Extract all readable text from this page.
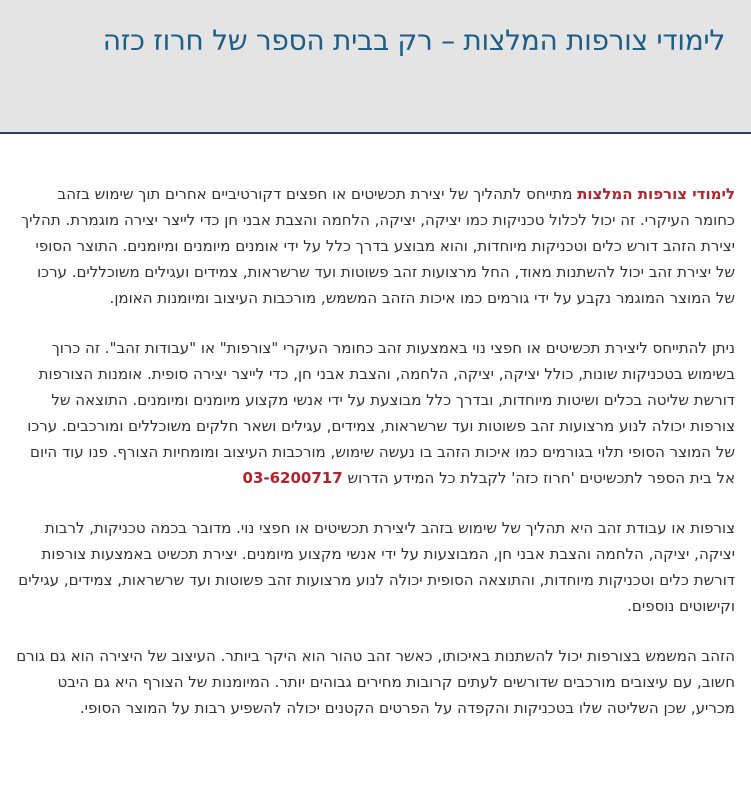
לימודי צורפות המלצות – רק בבית הספר של חרוז כזה

לימודי צורפות המלצות מתייחס לתהליך של יצירת תכשיטים או חפצים דקורטיביים אחרים תוך שימוש בזהב כחומר העיקרי. זה יכול לכלול טכניקות כמו יציקה, יציקה, הלחמה והצבת אבני חן כדי לייצר יצירה מוגמרת. תהליך יצירת הזהב דורש כלים וטכניקות מיוחדות, והוא מבוצע בדרך כלל על ידי אומנים מיומנים ומיומנים. התוצר הסופי של יצירת זהב יכול להשתנות מאוד, החל מרצועות זהב פשוטות ועד שרשראות, צמידים ועגילים משוכללים. ערכו של המוצר המוגמר נקבע על ידי גורמים כמו איכות הזהב המשמש, מורכבות העיצוב ומיומנות האומן.

ניתן להתייחס ליצירת תכשיטים או חפצי נוי באמצעות זהב כחומר העיקרי "צורפות" או "עבודות זהב". זה כרוך בשימוש בטכניקות שונות, כולל יציקה, יציקה, הלחמה, והצבת אבני חן, כדי לייצר יצירה סופית. אומנות הצורפות דורשת שליטה בכלים ושיטות מיוחדות, ובדרך כלל מבוצעת על ידי אנשי מקצוע מיומנים ומיומנים. התוצאה של צורפות יכולה לנוע מרצועות זהב פשוטות ועד שרשראות, צמידים, עגילים ושאר חלקים משוכללים ומורכבים. ערכו של המוצר הסופי תלוי בגורמים כמו איכות הזהב בו נעשה שימוש, מורכבות העיצוב ומומחיות הצורף. פנו עוד היום אל בית הספר לתכשיטים 'חרוז כזה' לקבלת כל המידע הדרוש 03-6200717

צורפות או עבודת זהב היא תהליך של שימוש בזהב ליצירת תכשיטים או חפצי נוי. מדובר בכמה טכניקות, לרבות יציקה, יציקה, הלחמה והצבת אבני חן, המבוצעות על ידי אנשי מקצוע מיומנים. יצירת תכשיט באמצעות צורפות דורשת כלים וטכניקות מיוחדות, והתוצאה הסופית יכולה לנוע מרצועות זהב פשוטות ועד שרשראות, צמידים, עגילים וקישוטים נוספים.

הזהב המשמש בצורפות יכול להשתנות באיכותו, כאשר זהב טהור הוא היקר ביותר. העיצוב של היצירה הוא גם גורם חשוב, עם עיצובים מורכבים שדורשים לעתים קרובות מחירים גבוהים יותר. המיומנות של הצורף היא גם היבט מכריע, שכן השליטה שלו בטכניקות והקפדה על הפרטים הקטנים יכולה להשפיע רבות על המוצר הסופי.
